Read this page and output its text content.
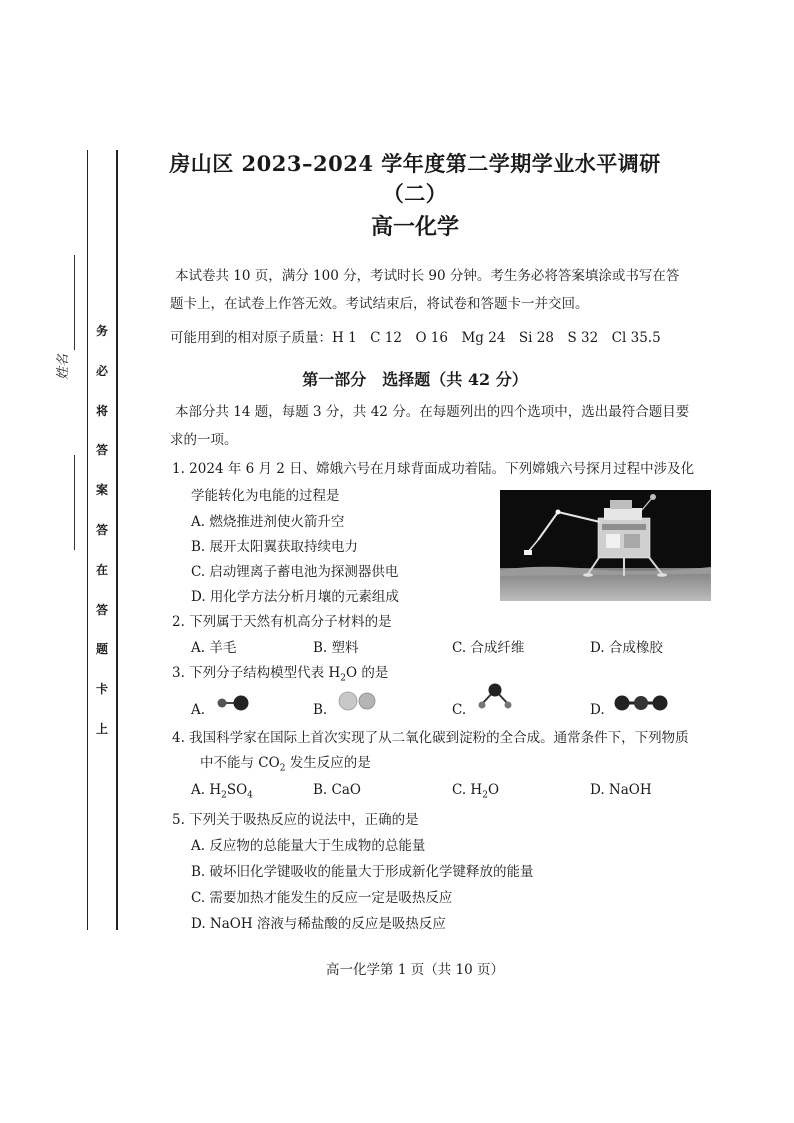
姓名
务
必
将
答
案
答
在
答
题
卡
上
房山区 2023–2024 学年度第二学期学业水平调研（二）
高一化学
本试卷共 10 页，满分 100 分，考试时长 90 分钟。考生务必将答案填涂或书写在答
题卡上，在试卷上作答无效。考试结束后，将试卷和答题卡一并交回。
可能用到的相对原子质量：H 1　C 12　O 16　Mg 24　Si 28　S 32　Cl 35.5
第一部分　选择题（共 42 分）
本部分共 14 题，每题 3 分，共 42 分。在每题列出的四个选项中，选出最符合题目要
求的一项。
1. 2024 年 6 月 2 日、嫦娥六号在月球背面成功着陆。下列嫦娥六号探月过程中涉及化
学能转化为电能的过程是
A. 燃烧推进剂使火箭升空
B. 展开太阳翼获取持续电力
C. 启动锂离子蓄电池为探测器供电
D. 用化学方法分析月壤的元素组成
2. 下列属于天然有机高分子材料的是
A. 羊毛	B. 塑料	C. 合成纤维	D. 合成橡胶
3. 下列分子结构模型代表 $H_2O$ 的是
A.	B.	C.	D.
4. 我国科学家在国际上首次实现了从二氧化碳到淀粉的全合成。通常条件下，下列物质
中不能与 $CO_2$ 发生反应的是
A. $H_2SO_4$	B. CaO	C. $H_2O$	D. NaOH
5. 下列关于吸热反应的说法中，正确的是
A. 反应物的总能量大于生成物的总能量
B. 破坏旧化学键吸收的能量大于形成新化学键释放的能量
C. 需要加热才能发生的反应一定是吸热反应
D. NaOH 溶液与稀盐酸的反应是吸热反应
高一化学第 1 页（共 10 页）
